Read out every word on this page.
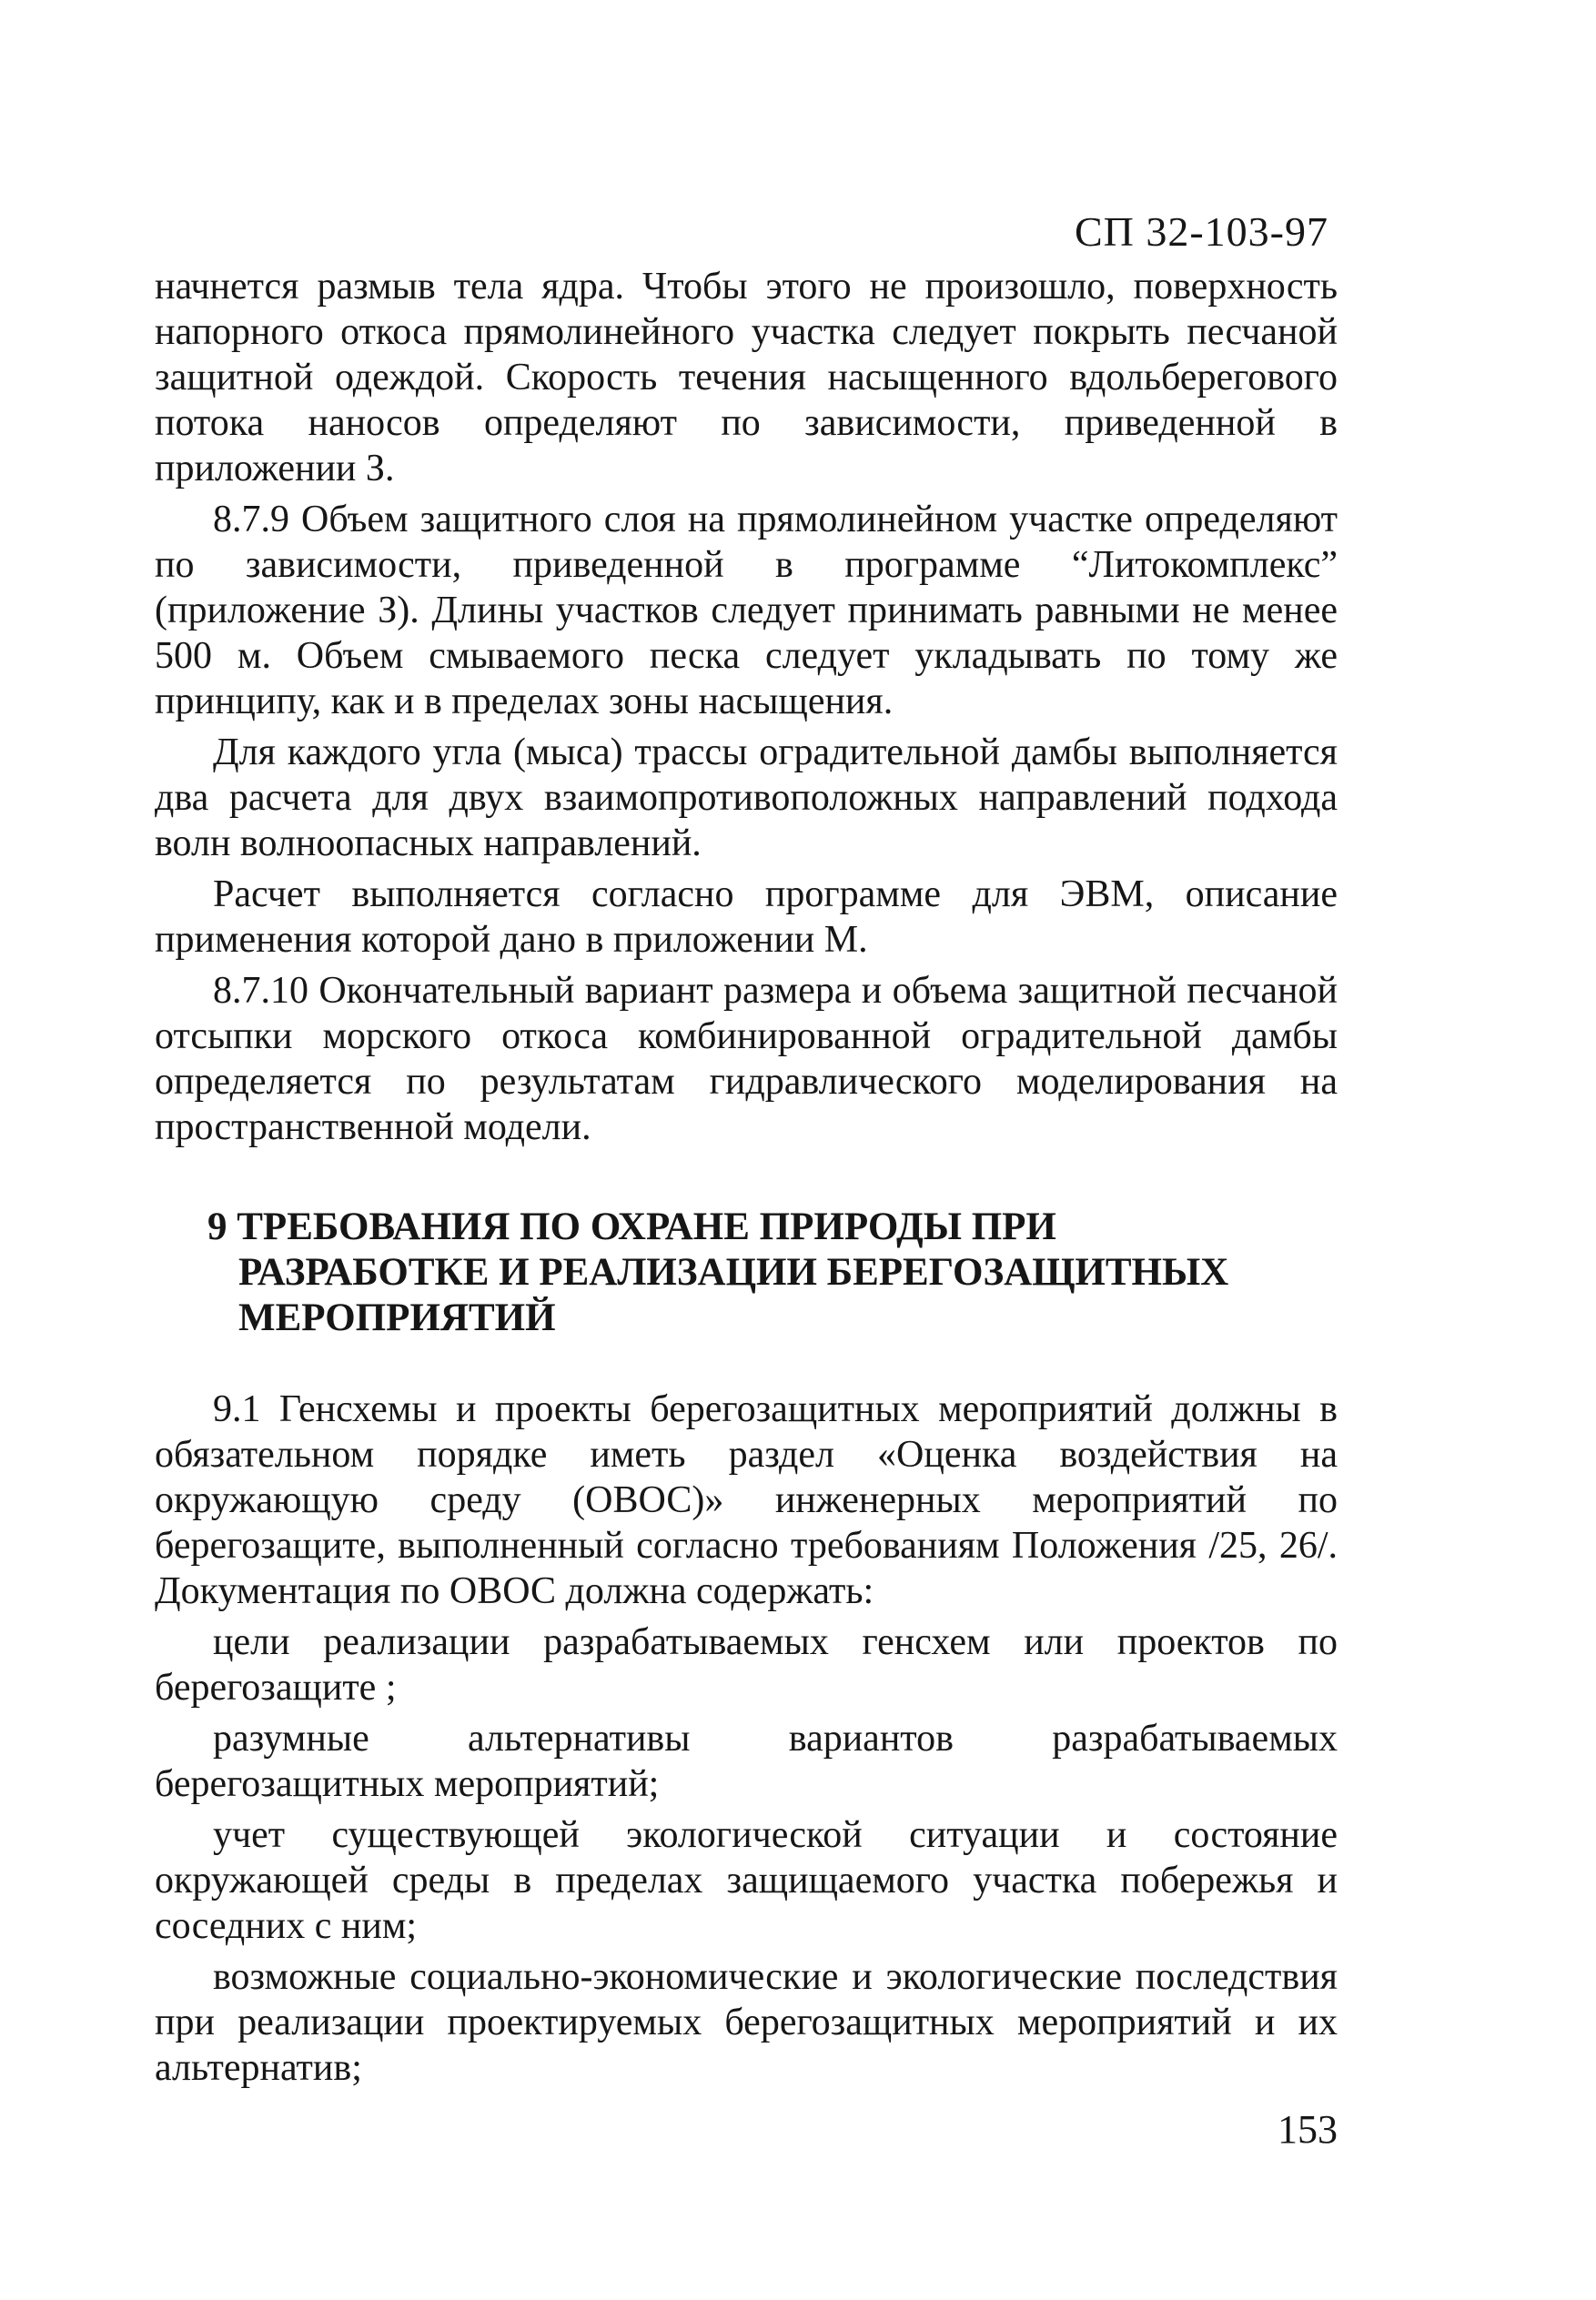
СП 32-103-97

начнется размыв тела ядра. Чтобы этого не произошло, поверхность напорного откоса прямолинейного участка следует покрыть песчаной защитной одеждой. Скорость течения насыщенного вдольберегового потока наносов определяют по зависимости, приведенной в приложении З.

8.7.9 Объем защитного слоя на прямолинейном участке определяют по зависимости, приведенной в программе “Литокомплекс” (приложение З). Длины участков следует принимать равными не менее 500 м. Объем смываемого песка следует укладывать по тому же принципу, как и в пределах зоны насыщения.

Для каждого угла (мыса) трассы оградительной дамбы выполняется два расчета для двух взаимопротивоположных направлений подхода волн волноопасных направлений.

Расчет выполняется согласно программе для ЭВМ, описание применения которой дано в приложении М.

8.7.10 Окончательный вариант размера и объема защитной песчаной отсыпки морского откоса комбинированной оградительной дамбы определяется по результатам гидравлического моделирования на пространственной модели.

9 ТРЕБОВАНИЯ ПО ОХРАНЕ ПРИРОДЫ ПРИ
РАЗРАБОТКЕ И РЕАЛИЗАЦИИ БЕРЕГОЗАЩИТНЫХ МЕРОПРИЯТИЙ

9.1 Генсхемы и проекты берегозащитных мероприятий должны в обязательном порядке иметь раздел «Оценка воздействия на окружающую среду (ОВОС)» инженерных мероприятий по берегозащите, выполненный согласно требованиям Положения /25, 26/. Документация по ОВОС должна содержать:

цели реализации разрабатываемых генсхем или проектов по берегозащите ;

разумные альтернативы вариантов разрабатываемых берегозащитных мероприятий;

учет существующей экологической ситуации и состояние окружающей среды в пределах защищаемого участка побережья и соседних с ним;

возможные социально-экономические и экологические последствия при реализации проектируемых берегозащитных мероприятий и их альтернатив;

153
